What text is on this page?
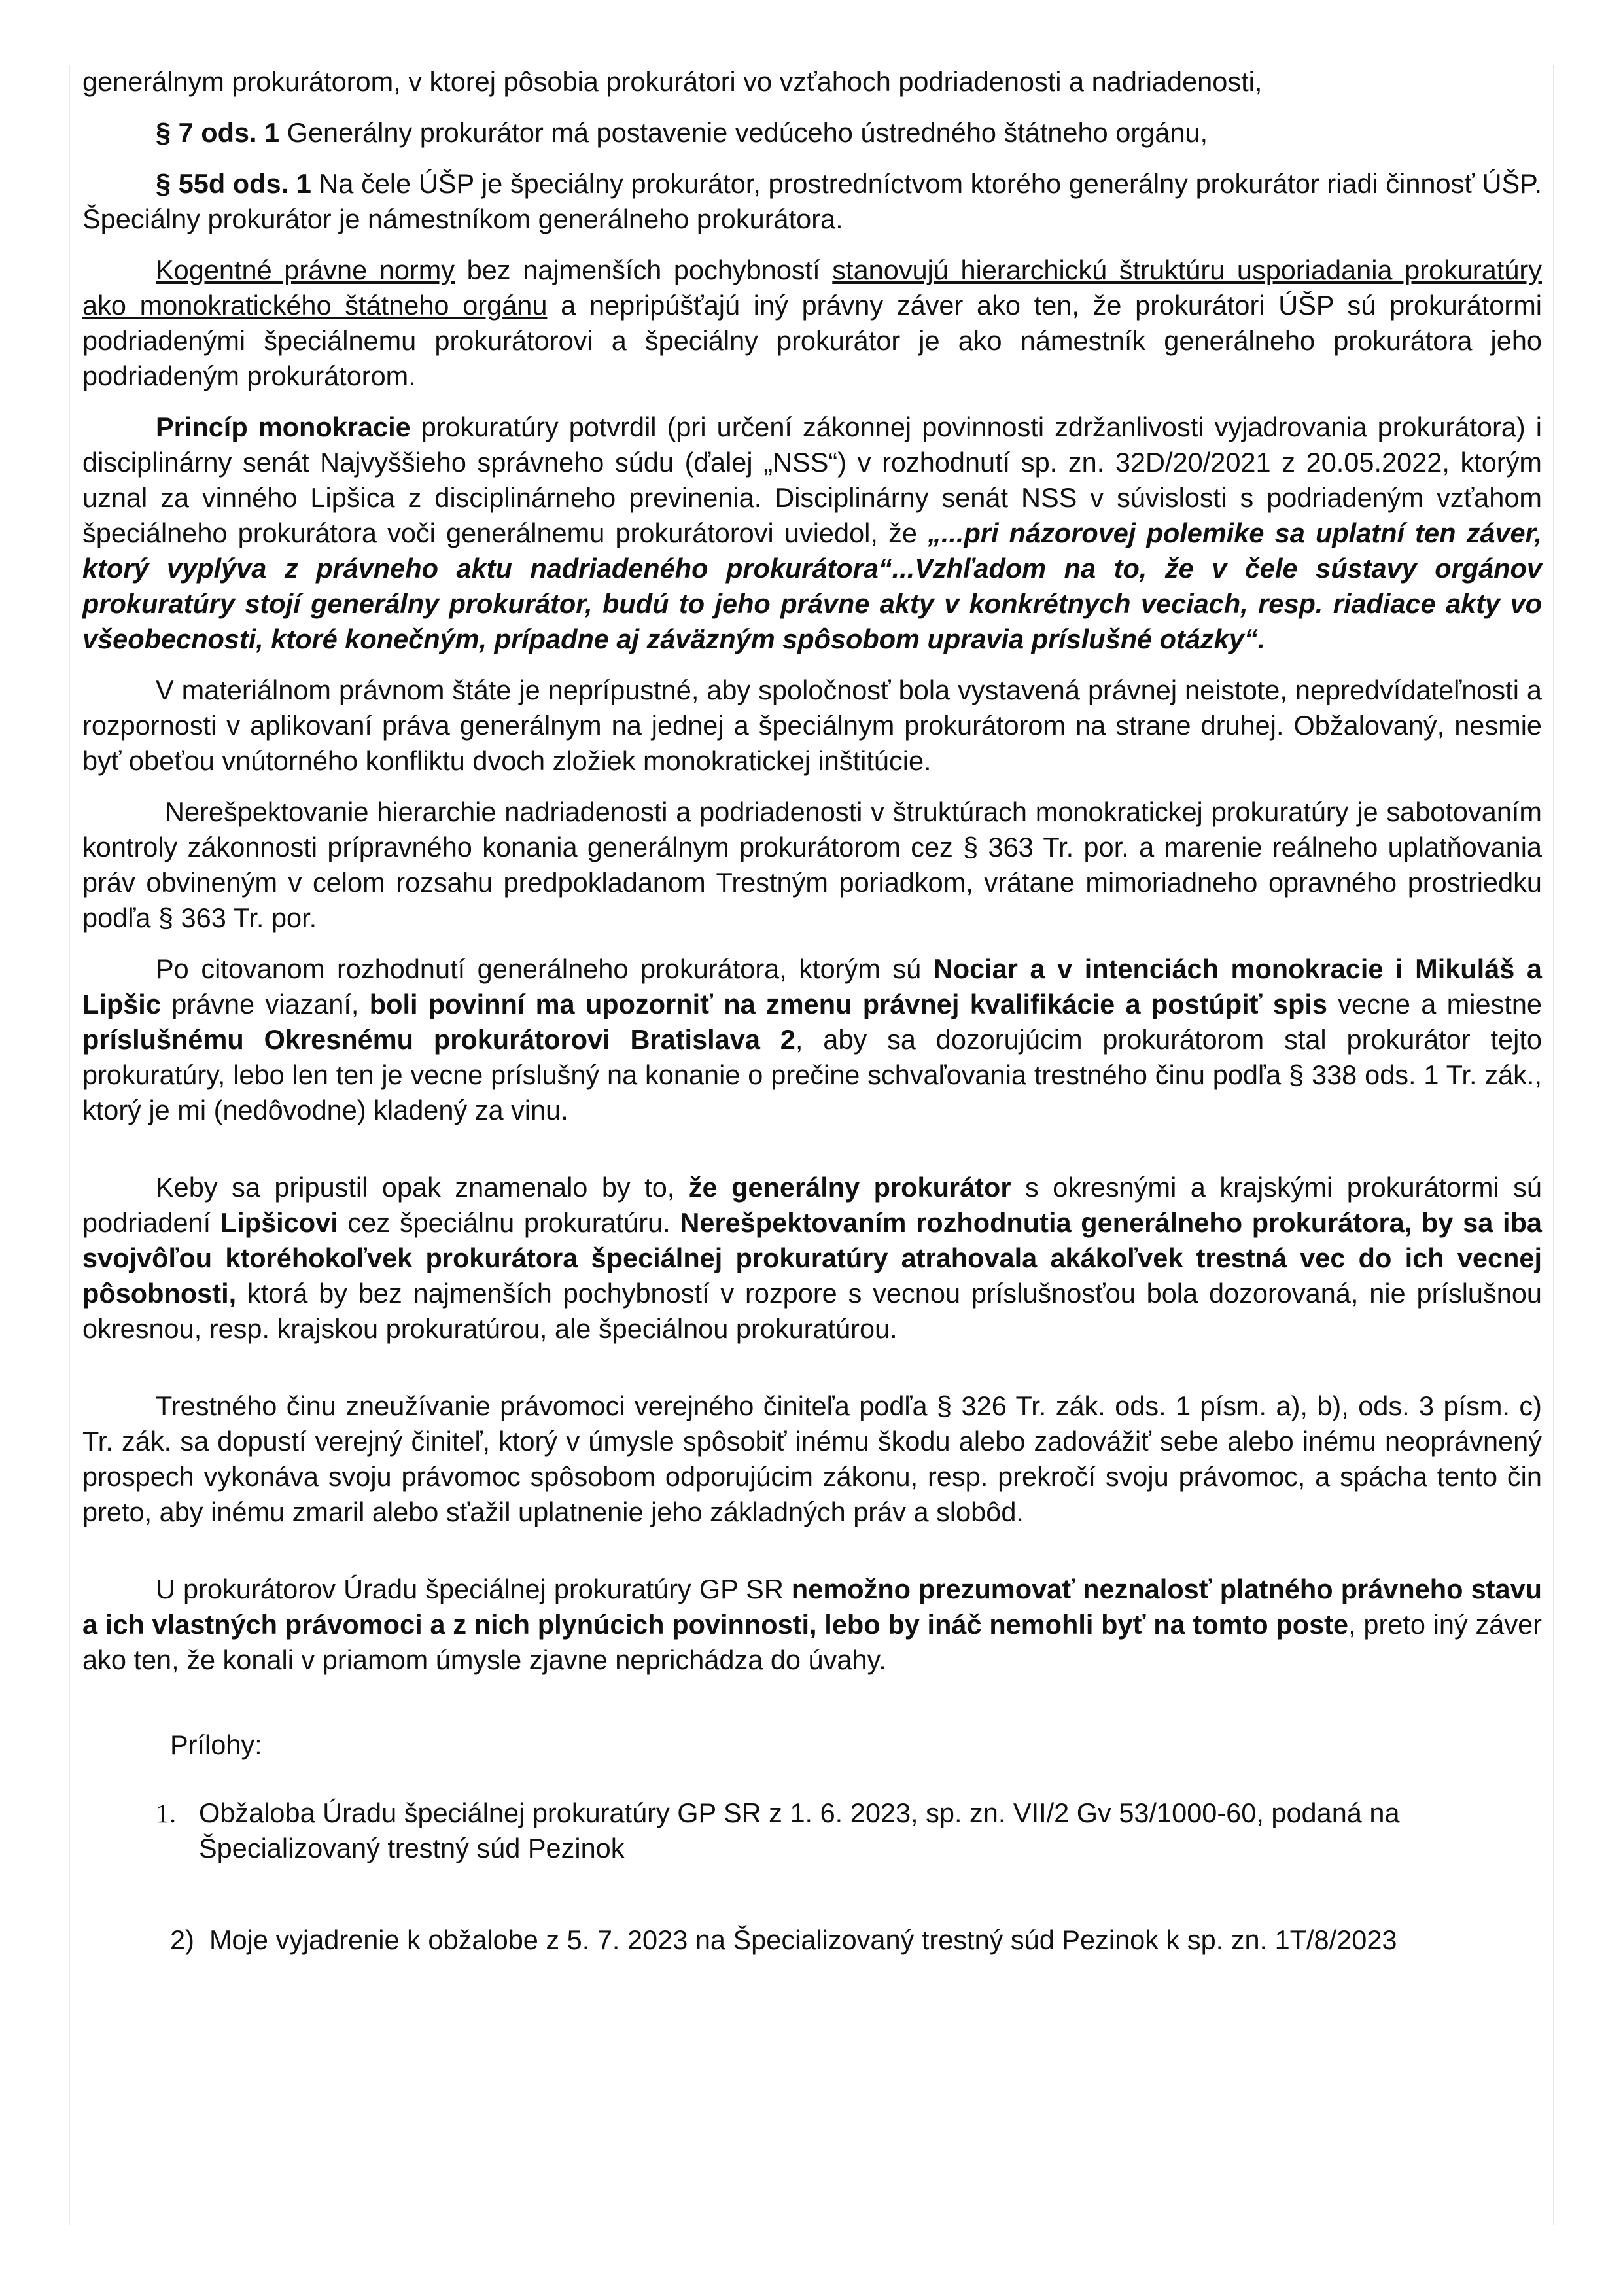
generálnym prokurátorom, v ktorej pôsobia prokurátori vo vzťahoch podriadenosti a nadriadenosti,

§ 7 ods. 1 Generálny prokurátor má postavenie vedúceho ústredného štátneho orgánu,

§ 55d ods. 1 Na čele ÚŠP je špeciálny prokurátor, prostredníctvom ktorého generálny prokurátor riadi činnosť ÚŠP. Špeciálny prokurátor je námestníkom generálneho prokurátora.

Kogentné právne normy bez najmenších pochybností stanovujú hierarchickú štruktúru usporiadania prokuratúry ako monokratického štátneho orgánu a nepripúšťajú iný právny záver ako ten, že prokurátori ÚŠP sú prokurátormi podriadenými špeciálnemu prokurátorovi a špeciálny prokurátor je ako námestník generálneho prokurátora jeho podriadeným prokurátorom.

Princíp monokracie prokuratúry potvrdil (pri určení zákonnej povinnosti zdržanlivosti vyjadrovania prokurátora) i disciplinárny senát Najvyššieho správneho súdu (ďalej „NSS“) v rozhodnutí sp. zn. 32D/20/2021 z 20.05.2022, ktorým uznal za vinného Lipšica z disciplinárneho previnenia. Disciplinárny senát NSS v súvislosti s podriadeným vzťahom špeciálneho prokurátora voči generálnemu prokurátorovi uviedol, že „...pri názorovej polemike sa uplatní ten záver, ktorý vyplýva z právneho aktu nadriadeného prokurátora“...Vzhľadom na to, že v čele sústavy orgánov prokuratúry stojí generálny prokurátor, budú to jeho právne akty v konkrétnych veciach, resp. riadiace akty vo všeobecnosti, ktoré konečným, prípadne aj záväzným spôsobom upravia príslušné otázky“.

V materiálnom právnom štáte je neprípustné, aby spoločnosť bola vystavená právnej neistote, nepredvídateľnosti a rozpornosti v aplikovaní práva generálnym na jednej a špeciálnym prokurátorom na strane druhej. Obžalovaný, nesmie byť obeťou vnútorného konfliktu dvoch zložiek monokratickej inštitúcie.

Nerešpektovanie hierarchie nadriadenosti a podriadenosti v štruktúrach monokratickej prokuratúry je sabotovaním kontroly zákonnosti prípravného konania generálnym prokurátorom cez § 363 Tr. por. a marenie reálneho uplatňovania práv obvineným v celom rozsahu predpokladanom Trestným poriadkom, vrátane mimoriadneho opravného prostriedku podľa § 363 Tr. por.

Po citovanom rozhodnutí generálneho prokurátora, ktorým sú Nociar a v intenciách monokracie i Mikuláš a Lipšic právne viazaní, boli povinní ma upozorniť na zmenu právnej kvalifikácie a postúpiť spis vecne a miestne príslušnému Okresnému prokurátorovi Bratislava 2, aby sa dozorujúcim prokurátorom stal prokurátor tejto prokuratúry, lebo len ten je vecne príslušný na konanie o prečine schvaľovania trestného činu podľa § 338 ods. 1 Tr. zák., ktorý je mi (nedôvodne) kladený za vinu.

Keby sa pripustil opak znamenalo by to, že generálny prokurátor s okresnými a krajskými prokurátormi sú podriadení Lipšicovi cez špeciálnu prokuratúru. Nerešpektovaním rozhodnutia generálneho prokurátora, by sa iba svojvôľou ktoréhokoľvek prokurátora špeciálnej prokuratúry atrahovala akákoľvek trestná vec do ich vecnej pôsobnosti, ktorá by bez najmenších pochybností v rozpore s vecnou príslušnosťou bola dozorovaná, nie príslušnou okresnou, resp. krajskou prokuratúrou, ale špeciálnou prokuratúrou.

Trestného činu zneužívanie právomoci verejného činiteľa podľa § 326 Tr. zák. ods. 1 písm. a), b), ods. 3 písm. c) Tr. zák. sa dopustí verejný činiteľ, ktorý v úmysle spôsobiť inému škodu alebo zadovážiť sebe alebo inému neoprávnený prospech vykonáva svoju právomoc spôsobom odporujúcim zákonu, resp. prekročí svoju právomoc, a spácha tento čin preto, aby inému zmaril alebo sťažil uplatnenie jeho základných práv a slobôd.

U prokurátorov Úradu špeciálnej prokuratúry GP SR nemožno prezumovať neznalosť platného právneho stavu a ich vlastných právomoci a z nich plynúcich povinnosti, lebo by ináč nemohli byť na tomto poste, preto iný záver ako ten, že konali v priamom úmysle zjavne neprichádza do úvahy.

Prílohy:
1. Obžaloba Úradu špeciálnej prokuratúry GP SR z 1. 6. 2023, sp. zn. VII/2 Gv 53/1000-60, podaná na Špecializovaný trestný súd Pezinok
2) Moje vyjadrenie k obžalobe z 5. 7. 2023 na Špecializovaný trestný súd Pezinok k sp. zn. 1T/8/2023
